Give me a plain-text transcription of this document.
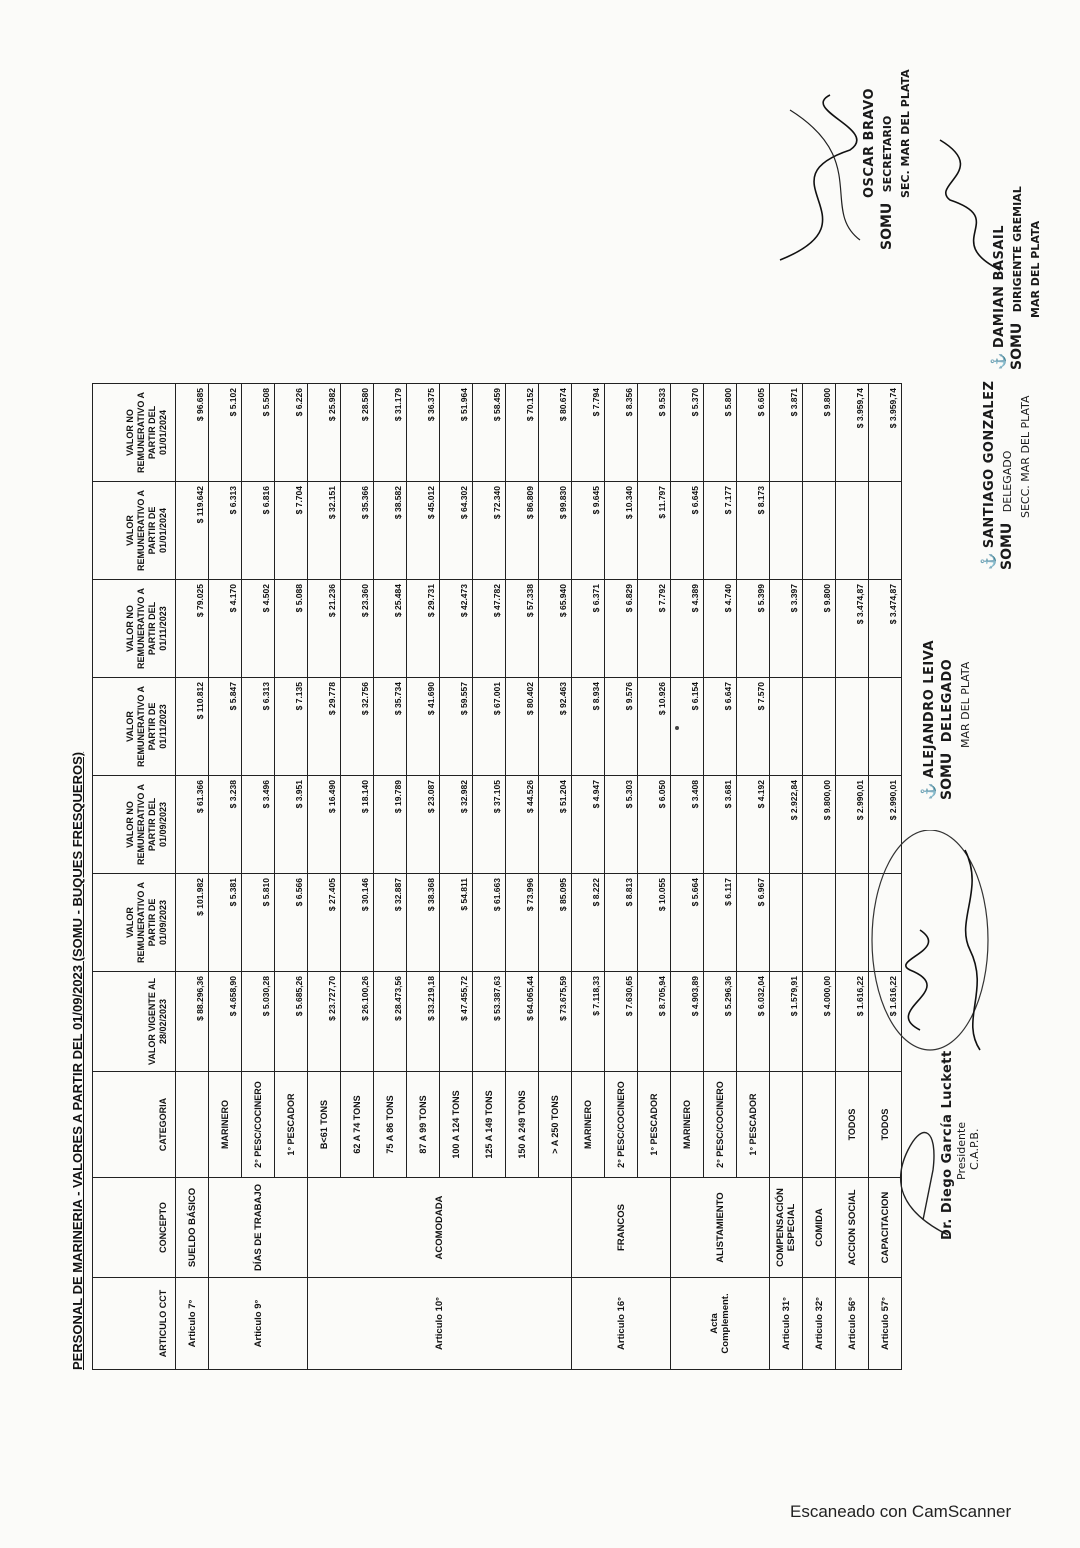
PERSONAL DE MARINERIA - VALORES A PARTIR DEL 01/09/2023 (SOMU - BUQUES FRESQUEROS)	ARTICULO CCT	CONCEPTO	CATEGORIA	VALOR VIGENTE AL 28/02/2023	VALOR REMUNERATIVO A PARTIR DE 01/09/2023	VALOR NO REMUNERATIVO A PARTIR DEL 01/09/2023	VALOR REMUNERATIVO A PARTIR DE 01/11/2023	VALOR NO REMUNERATIVO A PARTIR DEL 01/11/2023	VALOR REMUNERATIVO A PARTIR DE 01/01/2024	VALOR NO REMUNERATIVO A PARTIR DEL 01/01/2024
Articulo 7°	SUELDO BÁSICO		$ 88.296,36	$ 101.982	$ 61.366	$ 110.812	$ 79.025	$ 119.642	$ 96.685
Articulo 9°	DÍAS DE TRABAJO	MARINERO	$ 4.658,90	$ 5.381	$ 3.238	$ 5.847	$ 4.170	$ 6.313	$ 5.102
		2° PESC/COCINERO	$ 5.030,28	$ 5.810	$ 3.496	$ 6.313	$ 4.502	$ 6.816	$ 5.508
		1° PESCADOR	$ 5.685,26	$ 6.566	$ 3.951	$ 7.135	$ 5.088	$ 7.704	$ 6.226
Articulo 10°	ACOMODADA	B<61 TONS	$ 23.727,70	$ 27.405	$ 16.490	$ 29.778	$ 21.236	$ 32.151	$ 25.982
		62 A 74 TONS	$ 26.100,26	$ 30.146	$ 18.140	$ 32.756	$ 23.360	$ 35.366	$ 28.580
		75 A 86 TONS	$ 28.473,56	$ 32.887	$ 19.789	$ 35.734	$ 25.484	$ 38.582	$ 31.179
		87 A 99 TONS	$ 33.219,18	$ 38.368	$ 23.087	$ 41.690	$ 29.731	$ 45.012	$ 36.375
		100 A 124 TONS	$ 47.455,72	$ 54.811	$ 32.982	$ 59.557	$ 42.473	$ 64.302	$ 51.964
		125 A 149 TONS	$ 53.387,63	$ 61.663	$ 37.105	$ 67.001	$ 47.782	$ 72.340	$ 58.459
		150 A 249 TONS	$ 64.065,44	$ 73.996	$ 44.526	$ 80.402	$ 57.338	$ 86.809	$ 70.152
		> A 250 TONS	$ 73.675,59	$ 85.095	$ 51.204	$ 92.463	$ 65.940	$ 99.830	$ 80.674
Articulo 16°	FRANCOS	MARINERO	$ 7.118,33	$ 8.222	$ 4.947	$ 8.934	$ 6.371	$ 9.645	$ 7.794
		2° PESC/COCINERO	$ 7.630,65	$ 8.813	$ 5.303	$ 9.576	$ 6.829	$ 10.340	$ 8.356
		1° PESCADOR	$ 8.705,94	$ 10.055	$ 6.050	$ 10.926	$ 7.792	$ 11.797	$ 9.533
Acta Complement.	ALISTAMIENTO	MARINERO	$ 4.903,89	$ 5.664	$ 3.408	$ 6.154	$ 4.389	$ 6.645	$ 5.370
		2° PESC/COCINERO	$ 5.296,36	$ 6.117	$ 3.681	$ 6.647	$ 4.740	$ 7.177	$ 5.800
		1° PESCADOR	$ 6.032,04	$ 6.967	$ 4.192	$ 7.570	$ 5.399	$ 8.173	$ 6.605
Articulo 31°	COMPENSACIÓN ESPECIAL		$ 1.579,91		$ 2.922,84		$ 3.397		$ 3.871
Articulo 32°	COMIDA		$ 4.000,00		$ 9.800,00		$ 9.800		$ 9.800
Articulo 56°	ACCION SOCIAL	TODOS	$ 1.616,22		$ 2.990,01		$ 3.474,87		$ 3.959,74
Articulo 57°	CAPACITACION	TODOS	$ 1.616,22		$ 2.990,01		$ 3.474,87		$ 3.959,74
Dr. Diego García Luckett Presidente C.A.P.B.
⚓ ALEJANDRO LEIVA SOMU DELEGADO MAR DEL PLATA
⚓ SANTIAGO GONZALEZ SOMU DELEGADO SECC. MAR DEL PLATA
⚓ DAMIAN BASAIL SOMU DIRIGENTE GREMIAL MAR DEL PLATA
OSCAR BRAVO
SOMU SECRETARIO SEC. MAR DEL PLATA
Escaneado con CamScanner
